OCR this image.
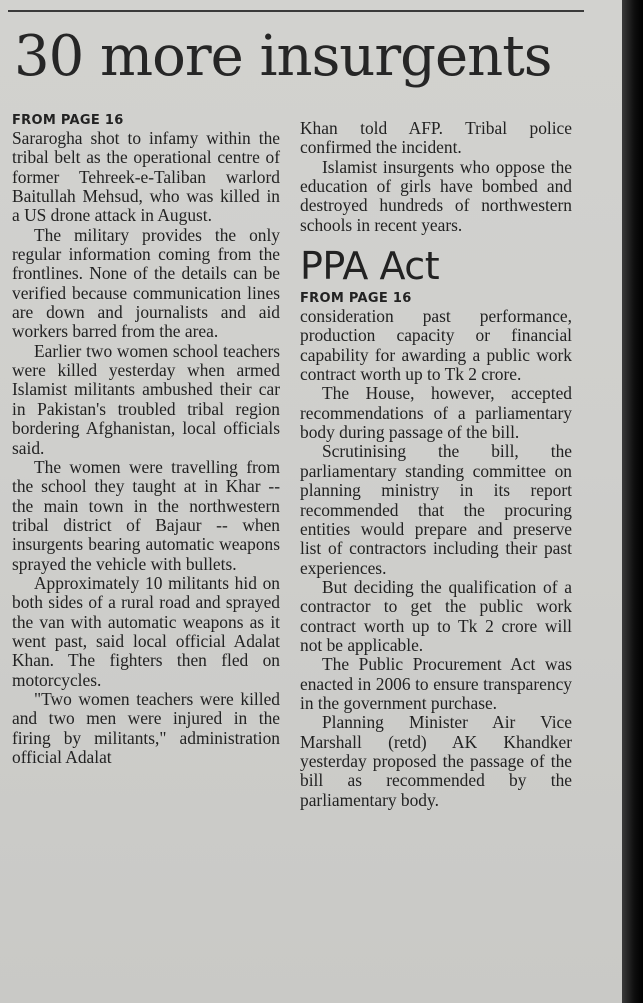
30 more insurgents
FROM PAGE 16

Sararogha shot to infamy within the tribal belt as the operational centre of former Tehreek-e-Taliban warlord Baitullah Mehsud, who was killed in a US drone attack in August.

The military provides the only regular information coming from the frontlines. None of the details can be verified because communication lines are down and journalists and aid workers barred from the area.

Earlier two women school teachers were killed yesterday when armed Islamist militants ambushed their car in Pakistan's troubled tribal region bordering Afghanistan, local officials said.

The women were travelling from the school they taught at in Khar -- the main town in the northwestern tribal district of Bajaur -- when insurgents bearing automatic weapons sprayed the vehicle with bullets.

Approximately 10 militants hid on both sides of a rural road and sprayed the van with automatic weapons as it went past, said local official Adalat Khan. The fighters then fled on motorcycles.

"Two women teachers were killed and two men were injured in the firing by militants," administration official Adalat

Khan told AFP. Tribal police confirmed the incident.

Islamist insurgents who oppose the education of girls have bombed and destroyed hundreds of northwestern schools in recent years.

PPA Act
FROM PAGE 16

consideration past performance, production capacity or financial capability for awarding a public work contract worth up to Tk 2 crore.

The House, however, accepted recommendations of a parliamentary body during passage of the bill.

Scrutinising the bill, the parliamentary standing committee on planning ministry in its report recommended that the procuring entities would prepare and preserve list of contractors including their past experiences.

But deciding the qualification of a contractor to get the public work contract worth up to Tk 2 crore will not be applicable.

The Public Procurement Act was enacted in 2006 to ensure transparency in the government purchase.

Planning Minister Air Vice Marshall (retd) AK Khandker yesterday proposed the passage of the bill as recommended by the parliamentary body.
